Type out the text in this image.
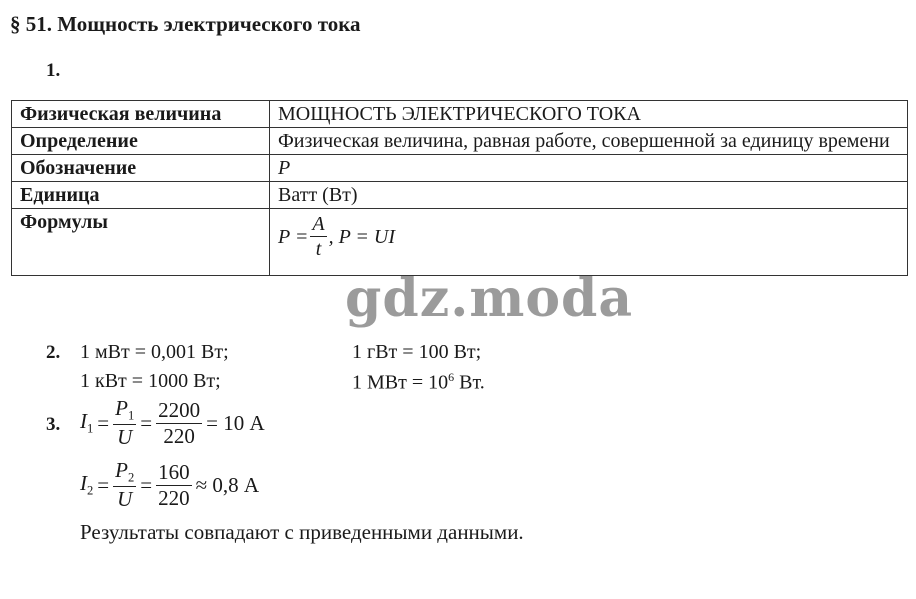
§ 51. Мощность электрического тока
1.
Физическая величина	МОЩНОСТЬ ЭЛЕКТРИЧЕСКОГО ТОКА
Определение	Физическая величина, равная работе, совершенной за единицу времени
Обозначение	P
Единица	Ватт (Вт)
Формулы	$P = \frac{A}{t}$ , P = UI
gdz.moda
2. 1 мВт = 0,001 Вт;	1 гВт = 100 Вт;
1 кВт = 1000 Вт;	1 МВт = $10^6$ Вт.
3. $I_1 = \frac{P_1}{U} = \frac{2200}{220} = 10$ А
$I_2 = \frac{P_2}{U} = \frac{160}{220} \approx 0,8$ А
Результаты совпадают с приведенными данными.
